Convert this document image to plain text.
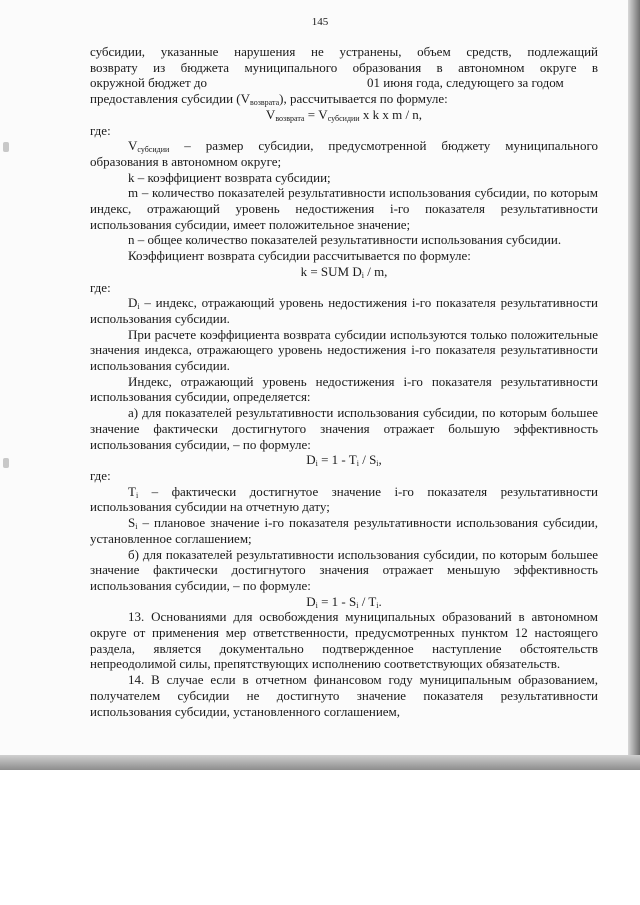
145

субсидии, указанные нарушения не устранены, объем средств, подлежащий

возврату из бюджета муниципального образования в автономном округе в

окружной бюджет до	01 июня года, следующего за годом

предоставления субсидии $(V_{возврата})$, рассчитывается по формуле:

$V_{возврата} = V_{субсидии}$ x k x m / n,

где:

$V_{субсидии}$ – размер субсидии, предусмотренной бюджету муниципального образования в автономном округе;

k – коэффициент возврата субсидии;

m – количество показателей результативности использования субсидии, по которым индекс, отражающий уровень недостижения i-го показателя результативности использования субсидии, имеет положительное значение;

n – общее количество показателей результативности использования субсидии.

Коэффициент возврата субсидии рассчитывается по формуле:

k = SUM $D_i$ / m,

где:

$D_i$ – индекс, отражающий уровень недостижения i-го показателя результативности использования субсидии.

При расчете коэффициента возврата субсидии используются только положительные значения индекса, отражающего уровень недостижения i-го показателя результативности использования субсидии.

Индекс, отражающий уровень недостижения i-го показателя результативности использования субсидии, определяется:

а) для показателей результативности использования субсидии, по которым большее значение фактически достигнутого значения отражает большую эффективность использования субсидии, – по формуле:

$D_i = 1 - T_i / S_i$,

где:

$T_i$ – фактически достигнутое значение i-го показателя результативности использования субсидии на отчетную дату;

$S_i$ – плановое значение i-го показателя результативности использования субсидии, установленное соглашением;

б) для показателей результативности использования субсидии, по которым большее значение фактически достигнутого значения отражает меньшую эффективность использования субсидии, – по формуле:

$D_i = 1 - S_i / T_i$.

13. Основаниями для освобождения муниципальных образований в автономном округе от применения мер ответственности, предусмотренных пунктом 12 настоящего раздела, является документально подтвержденное наступление обстоятельств непреодолимой силы, препятствующих исполнению соответствующих обязательств.

14. В случае если в отчетном финансовом году муниципальным образованием, получателем субсидии не достигнуто значение показателя результативности использования субсидии, установленного соглашением,
